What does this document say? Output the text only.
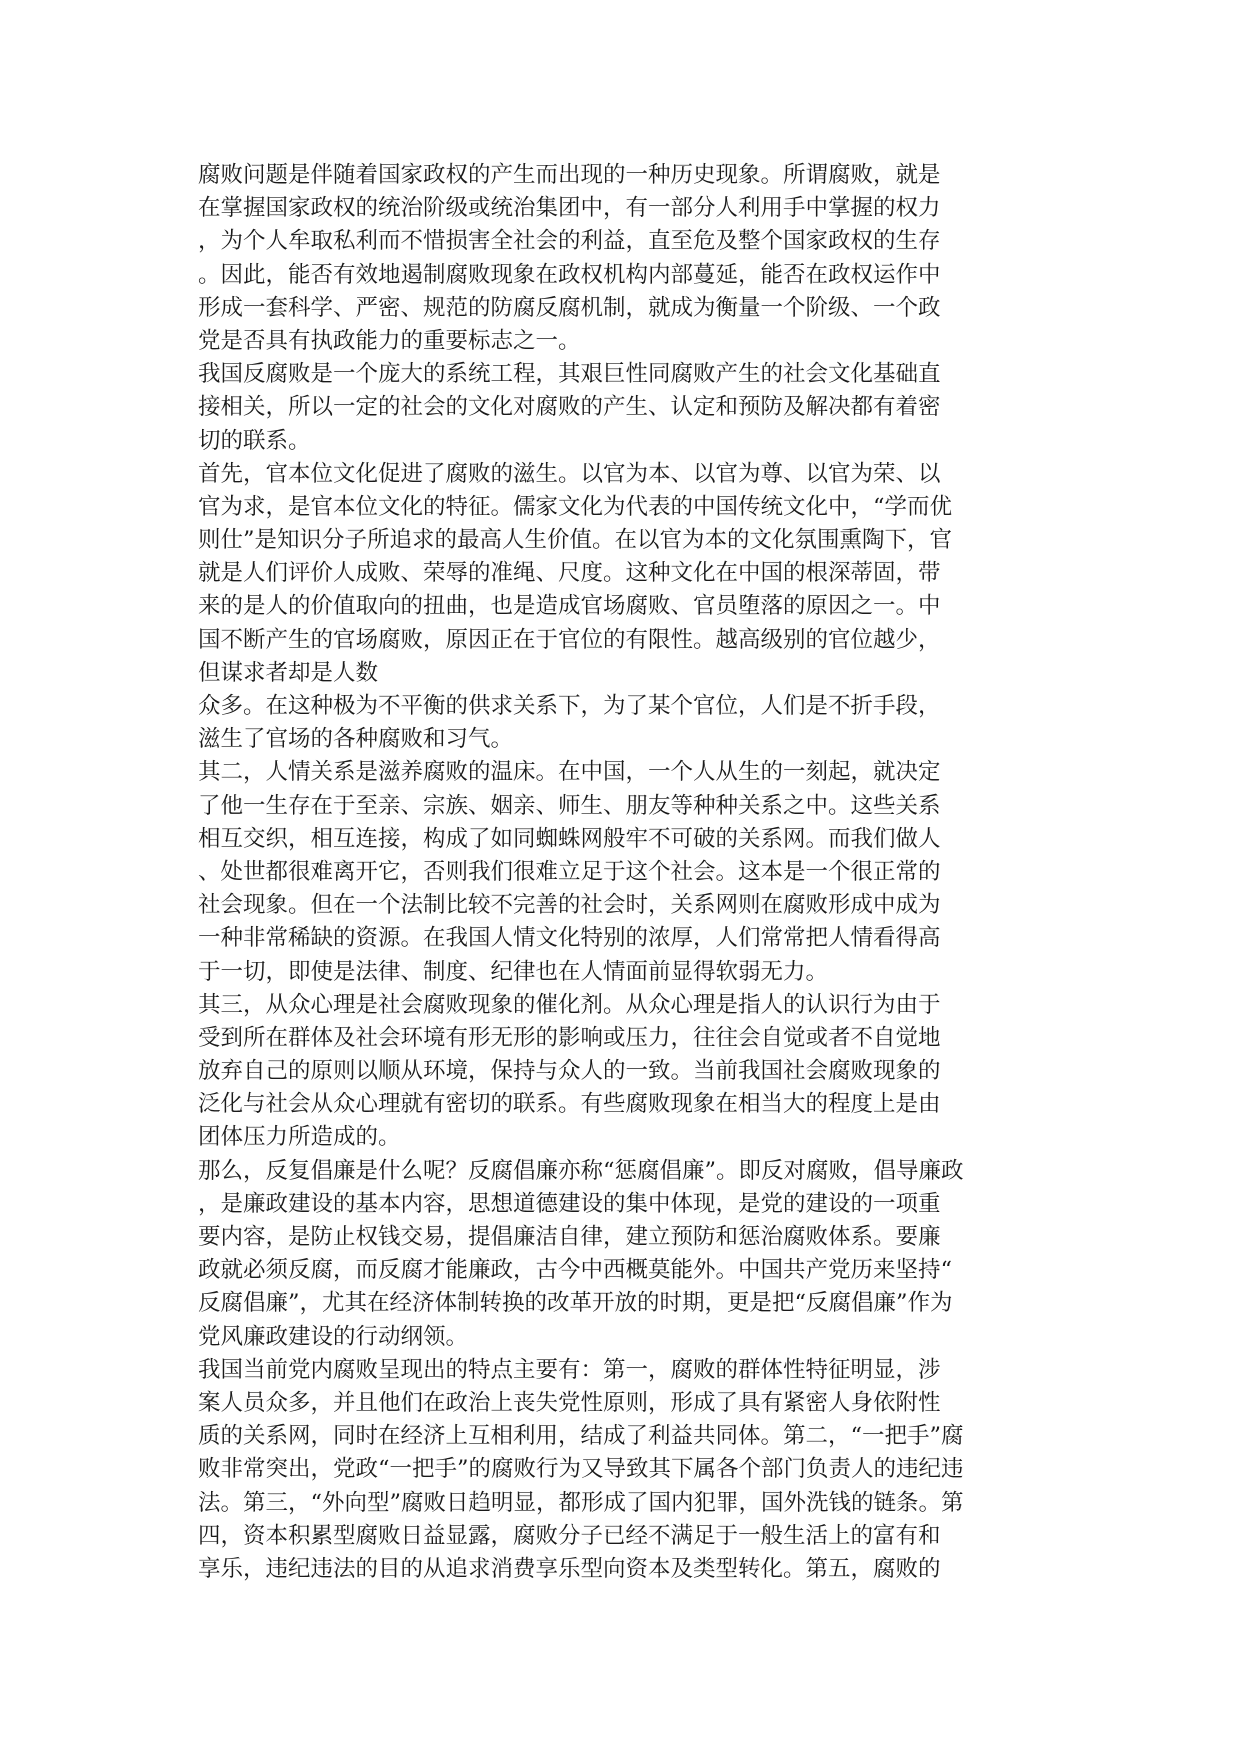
腐败问题是伴随着国家政权的产生而出现的一种历史现象。所谓腐败，就是
在掌握国家政权的统治阶级或统治集团中，有一部分人利用手中掌握的权力
，为个人牟取私利而不惜损害全社会的利益，直至危及整个国家政权的生存
。因此，能否有效地遏制腐败现象在政权机构内部蔓延，能否在政权运作中
形成一套科学、严密、规范的防腐反腐机制，就成为衡量一个阶级、一个政
党是否具有执政能力的重要标志之一。
我国反腐败是一个庞大的系统工程，其艰巨性同腐败产生的社会文化基础直
接相关，所以一定的社会的文化对腐败的产生、认定和预防及解决都有着密
切的联系。
首先，官本位文化促进了腐败的滋生。以官为本、以官为尊、以官为荣、以
官为求，是官本位文化的特征。儒家文化为代表的中国传统文化中，“学而优
则仕”是知识分子所追求的最高人生价值。在以官为本的文化氛围熏陶下，官
就是人们评价人成败、荣辱的准绳、尺度。这种文化在中国的根深蒂固，带
来的是人的价值取向的扭曲，也是造成官场腐败、官员堕落的原因之一。中
国不断产生的官场腐败，原因正在于官位的有限性。越高级别的官位越少，
但谋求者却是人数
众多。在这种极为不平衡的供求关系下，为了某个官位，人们是不折手段，
滋生了官场的各种腐败和习气。
其二，人情关系是滋养腐败的温床。在中国，一个人从生的一刻起，就决定
了他一生存在于至亲、宗族、姻亲、师生、朋友等种种关系之中。这些关系
相互交织，相互连接，构成了如同蜘蛛网般牢不可破的关系网。而我们做人
、处世都很难离开它，否则我们很难立足于这个社会。这本是一个很正常的
社会现象。但在一个法制比较不完善的社会时，关系网则在腐败形成中成为
一种非常稀缺的资源。在我国人情文化特别的浓厚，人们常常把人情看得高
于一切，即使是法律、制度、纪律也在人情面前显得软弱无力。
其三，从众心理是社会腐败现象的催化剂。从众心理是指人的认识行为由于
受到所在群体及社会环境有形无形的影响或压力，往往会自觉或者不自觉地
放弃自己的原则以顺从环境，保持与众人的一致。当前我国社会腐败现象的
泛化与社会从众心理就有密切的联系。有些腐败现象在相当大的程度上是由
团体压力所造成的。
那么，反复倡廉是什么呢？反腐倡廉亦称“惩腐倡廉”。即反对腐败，倡导廉政
，是廉政建设的基本内容，思想道德建设的集中体现，是党的建设的一项重
要内容，是防止权钱交易，提倡廉洁自律，建立预防和惩治腐败体系。要廉
政就必须反腐，而反腐才能廉政，古今中西概莫能外。中国共产党历来坚持“
反腐倡廉”，尤其在经济体制转换的改革开放的时期，更是把“反腐倡廉”作为
党风廉政建设的行动纲领。
我国当前党内腐败呈现出的特点主要有：第一，腐败的群体性特征明显，涉
案人员众多，并且他们在政治上丧失党性原则，形成了具有紧密人身依附性
质的关系网，同时在经济上互相利用，结成了利益共同体。第二，“一把手”腐
败非常突出，党政“一把手”的腐败行为又导致其下属各个部门负责人的违纪违
法。第三，“外向型”腐败日趋明显，都形成了国内犯罪，国外洗钱的链条。第
四，资本积累型腐败日益显露，腐败分子已经不满足于一般生活上的富有和
享乐，违纪违法的目的从追求消费享乐型向资本及类型转化。第五，腐败的
